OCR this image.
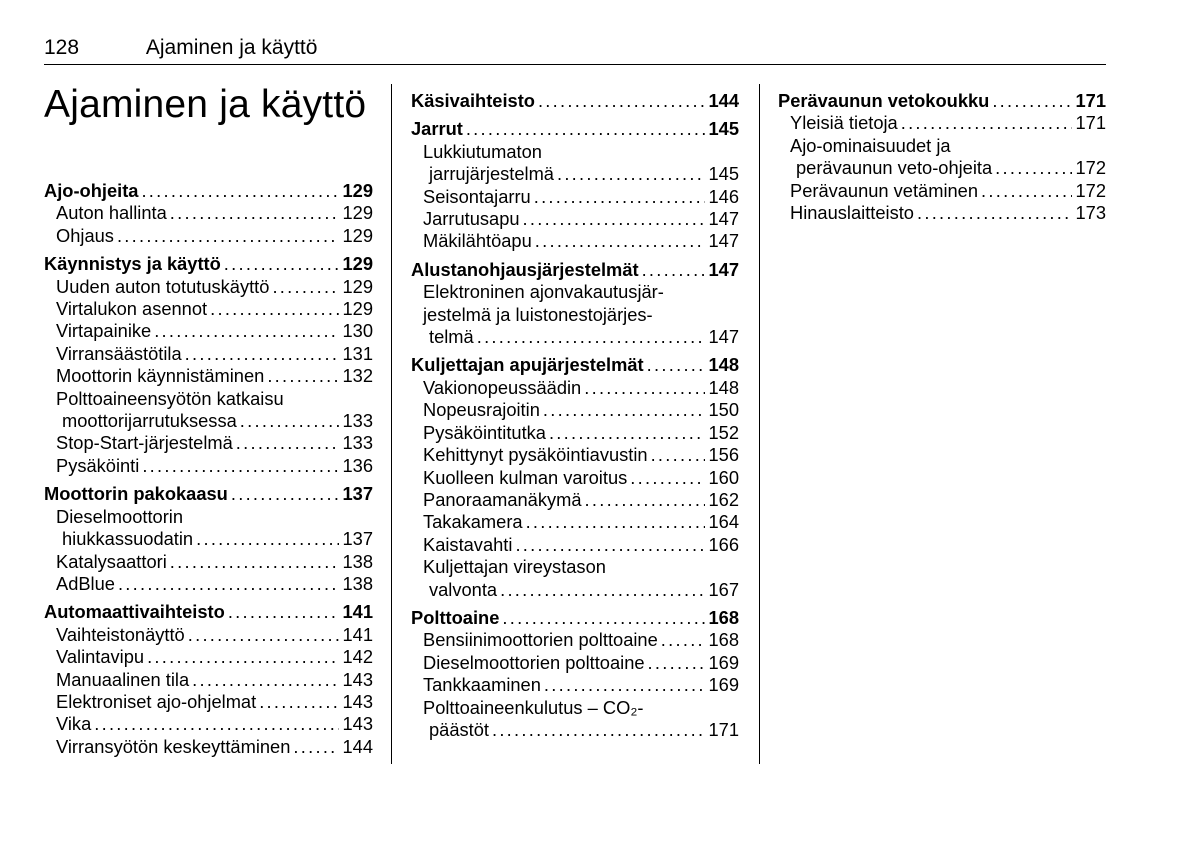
128	Ajaminen ja käyttö
Ajaminen ja käyttö
Ajo-ohjeita . . .	129
Auton hallinta . . .	129
Ohjaus . . .	129
Käynnistys ja käyttö . . .	129
Uuden auton totutuskäyttö . . .	129
Virtalukon asennot . . .	129
Virtapainike . . .	130
Virransäästötila . . .	131
Moottorin käynnistäminen . . .	132
Polttoaineensyötön katkaisu
moottorijarrutuksessa . . .	133
Stop-Start-järjestelmä . . .	133
Pysäköinti . . .	136
Moottorin pakokaasu . . .	137
Dieselmoottorin
hiukkassuodatin . . .	137
Katalysaattori . . .	138
AdBlue . . .	138
Automaattivaihteisto . . .	141
Vaihteistonäyttö . . .	141
Valintavipu . . .	142
Manuaalinen tila . . .	143
Elektroniset ajo-ohjelmat . . .	143
Vika . . .	143
Virransyötön keskeyttäminen . . .	144
Käsivaihteisto . . .	144
Jarrut . . .	145
Lukkiutumaton
jarrujärjestelmä . . .	145
Seisontajarru . . .	146
Jarrutusapu . . .	147
Mäkilähtöapu . . .	147
Alustanohjausjärjestelmät . . .	147
Elektroninen ajonvakautusjär-
jestelmä ja luistonestojärjes-
telmä . . .	147
Kuljettajan apujärjestelmät . . .	148
Vakionopeussäädin . . .	148
Nopeusrajoitin . . .	150
Pysäköintitutka . . .	152
Kehittynyt pysäköintiavustin . . .	156
Kuolleen kulman varoitus . . .	160
Panoraamanäkymä . . .	162
Takakamera . . .	164
Kaistavahti . . .	166
Kuljettajan vireystason
valvonta . . .	167
Polttoaine . . .	168
Bensiinimoottorien polttoaine . . .	168
Dieselmoottorien polttoaine . . .	169
Tankkaaminen . . .	169
Polttoaineenkulutus – CO₂-
päästöt . . .	171
Perävaunun vetokoukku . . .	171
Yleisiä tietoja . . .	171
Ajo-ominaisuudet ja
perävaunun veto-ohjeita . . .	172
Perävaunun vetäminen . . .	172
Hinauslaitteisto . . .	173
